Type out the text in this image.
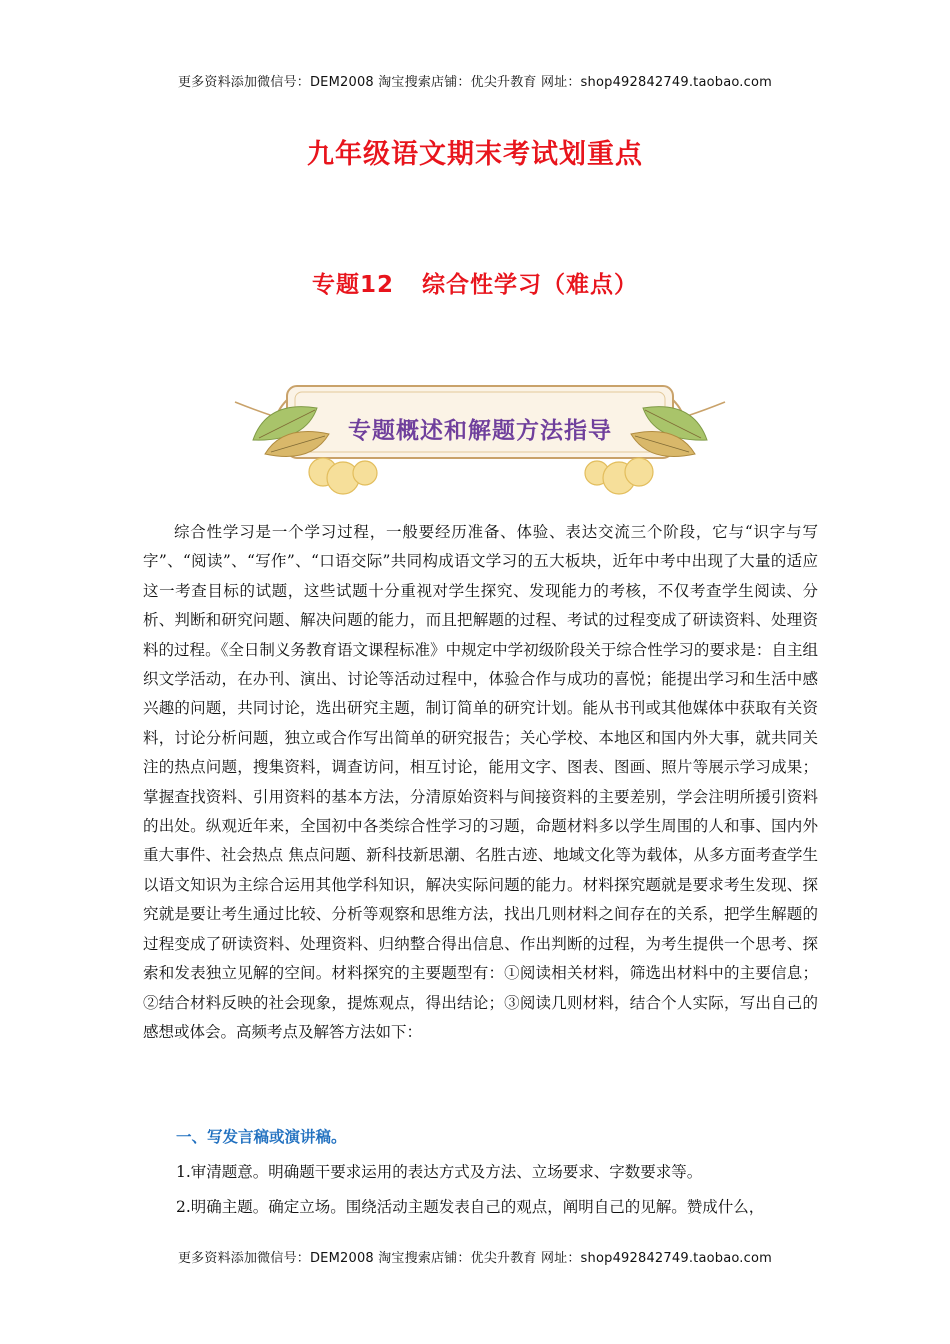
更多资料添加微信号：DEM2008 淘宝搜索店铺：优尖升教育 网址：shop492842749.taobao.com
九年级语文期末考试划重点
专题12 综合性学习（难点）
专题概述和解题方法指导

综合性学习是一个学习过程，一般要经历准备、体验、表达交流三个阶段，它与“识字与写字”、“阅读”、“写作”、“口语交际”共同构成语文学习的五大板块，近年中考中出现了大量的适应这一考查目标的试题，这些试题十分重视对学生探究、发现能力的考核，不仅考查学生阅读、分析、判断和研究问题、解决问题的能力，而且把解题的过程、考试的过程变成了研读资料、处理资料的过程。《全日制义务教育语文课程标准》中规定中学初级阶段关于综合性学习的要求是：自主组织文学活动，在办刊、演出、讨论等活动过程中，体验合作与成功的喜悦；能提出学习和生活中感兴趣的问题，共同讨论，选出研究主题，制订简单的研究计划。能从书刊或其他媒体中获取有关资料，讨论分析问题，独立或合作写出简单的研究报告；关心学校、本地区和国内外大事，就共同关注的热点问题，搜集资料，调查访问，相互讨论，能用文字、图表、图画、照片等展示学习成果；掌握查找资料、引用资料的基本方法，分清原始资料与间接资料的主要差别，学会注明所援引资料的出处。纵观近年来，全国初中各类综合性学习的习题，命题材料多以学生周围的人和事、国内外重大事件、社会热点 焦点问题、新科技新思潮、名胜古迹、地域文化等为载体，从多方面考查学生以语文知识为主综合运用其他学科知识，解决实际问题的能力。材料探究题就是要求考生发现、探究就是要让考生通过比较、分析等观察和思维方法，找出几则材料之间存在的关系，把学生解题的过程变成了研读资料、处理资料、归纳整合得出信息、作出判断的过程，为考生提供一个思考、探索和发表独立见解的空间。材料探究的主要题型有：①阅读相关材料，筛选出材料中的主要信息；②结合材料反映的社会现象，提炼观点，得出结论；③阅读几则材料，结合个人实际，写出自己的感想或体会。高频考点及解答方法如下：

一、写发言稿或演讲稿。
1.审清题意。明确题干要求运用的表达方式及方法、立场要求、字数要求等。
2.明确主题。确定立场。围绕活动主题发表自己的观点，阐明自己的见解。赞成什么，
更多资料添加微信号：DEM2008 淘宝搜索店铺：优尖升教育 网址：shop492842749.taobao.com
